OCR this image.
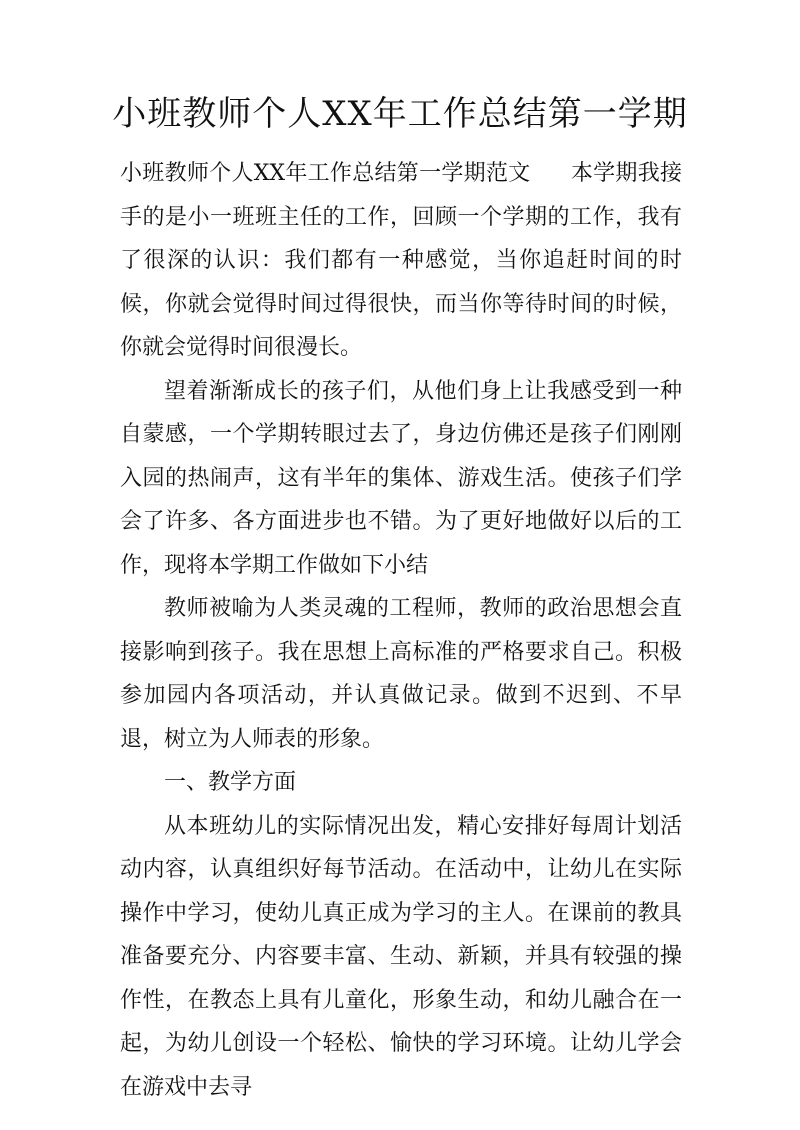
小班教师个人XX年工作总结第一学期

小班教师个人XX年工作总结第一学期范文 本学期我接手的是小一班班主任的工作，回顾一个学期的工作，我有了很深的认识：我们都有一种感觉，当你追赶时间的时候，你就会觉得时间过得很快，而当你等待时间的时候，你就会觉得时间很漫长。

望着渐渐成长的孩子们，从他们身上让我感受到一种自蒙感，一个学期转眼过去了，身边仿佛还是孩子们刚刚入园的热闹声，这有半年的集体、游戏生活。使孩子们学会了许多、各方面进步也不错。为了更好地做好以后的工作，现将本学期工作做如下小结

教师被喻为人类灵魂的工程师，教师的政治思想会直接影响到孩子。我在思想上高标准的严格要求自己。积极参加园内各项活动，并认真做记录。做到不迟到、不早退，树立为人师表的形象。

一、教学方面

从本班幼儿的实际情况出发，精心安排好每周计划活动内容，认真组织好每节活动。在活动中，让幼儿在实际操作中学习，使幼儿真正成为学习的主人。在课前的教具准备要充分、内容要丰富、生动、新颖，并具有较强的操作性，在教态上具有儿童化，形象生动，和幼儿融合在一起，为幼儿创设一个轻松、愉快的学习环境。让幼儿学会在游戏中去寻
